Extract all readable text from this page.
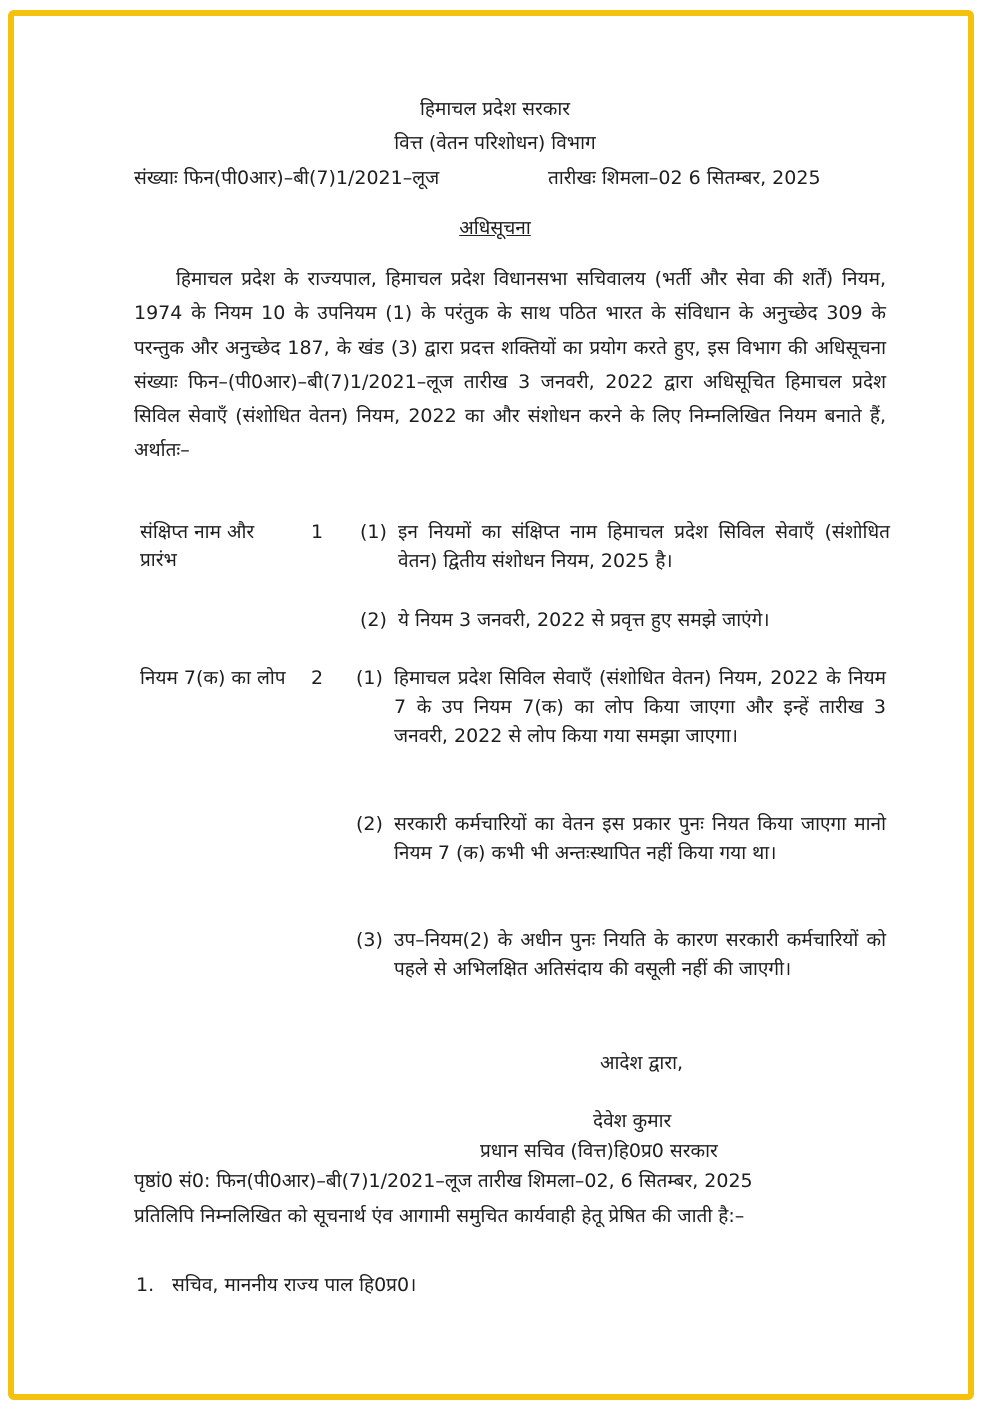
हिमाचल प्रदेश सरकार
वित्त (वेतन परिशोधन) विभाग
संख्याः फिन(पी0आर)–बी(7)1/2021–लूज	तारीखः शिमला–02 6 सितम्बर, 2025
अधिसूचना
हिमाचल प्रदेश के राज्यपाल, हिमाचल प्रदेश विधानसभा सचिवालय (भर्ती और सेवा की शर्तें) नियम, 1974 के नियम 10 के उपनियम (1) के परंतुक के साथ पठित भारत के संविधान के अनुच्छेद 309 के परन्तुक और अनुच्छेद 187, के खंड (3) द्वारा प्रदत्त शक्तियों का प्रयोग करते हुए, इस विभाग की अधिसूचना संख्याः फिन–(पी0आर)–बी(7)1/2021–लूज तारीख 3 जनवरी, 2022 द्वारा अधिसूचित हिमाचल प्रदेश सिविल सेवाएँ (संशोधित वेतन) नियम, 2022 का और संशोधन करने के लिए निम्नलिखित नियम बनाते हैं, अर्थातः–
संक्षिप्त नाम और प्रारंभ
1 (1) इन नियमों का संक्षिप्त नाम हिमाचल प्रदेश सिविल सेवाएँ (संशोधित वेतन) द्वितीय संशोधन नियम, 2025 है।
(2) ये नियम 3 जनवरी, 2022 से प्रवृत्त हुए समझे जाएंगे।
नियम 7(क) का लोप 2 (1) हिमाचल प्रदेश सिविल सेवाएँ (संशोधित वेतन) नियम, 2022 के नियम 7 के उप नियम 7(क) का लोप किया जाएगा और इन्हें तारीख 3 जनवरी, 2022 से लोप किया गया समझा जाएगा।
(2) सरकारी कर्मचारियों का वेतन इस प्रकार पुनः नियत किया जाएगा मानो नियम 7 (क) कभी भी अन्तःस्थापित नहीं किया गया था।
(3) उप–नियम(2) के अधीन पुनः नियति के कारण सरकारी कर्मचारियों को पहले से अभिलक्षित अतिसंदाय की वसूली नहीं की जाएगी।
आदेश द्वारा,
देवेश कुमार
प्रधान सचिव (वित्त)हि0प्र0 सरकार
पृष्ठां0 सं0: फिन(पी0आर)–बी(7)1/2021–लूज तारीख शिमला–02, 6 सितम्बर, 2025
प्रतिलिपि निम्नलिखित को सूचनार्थ एंव आगामी समुचित कार्यवाही हेतू प्रेषित की जाती है:–
1. सचिव, माननीय राज्य पाल हि0प्र0।
